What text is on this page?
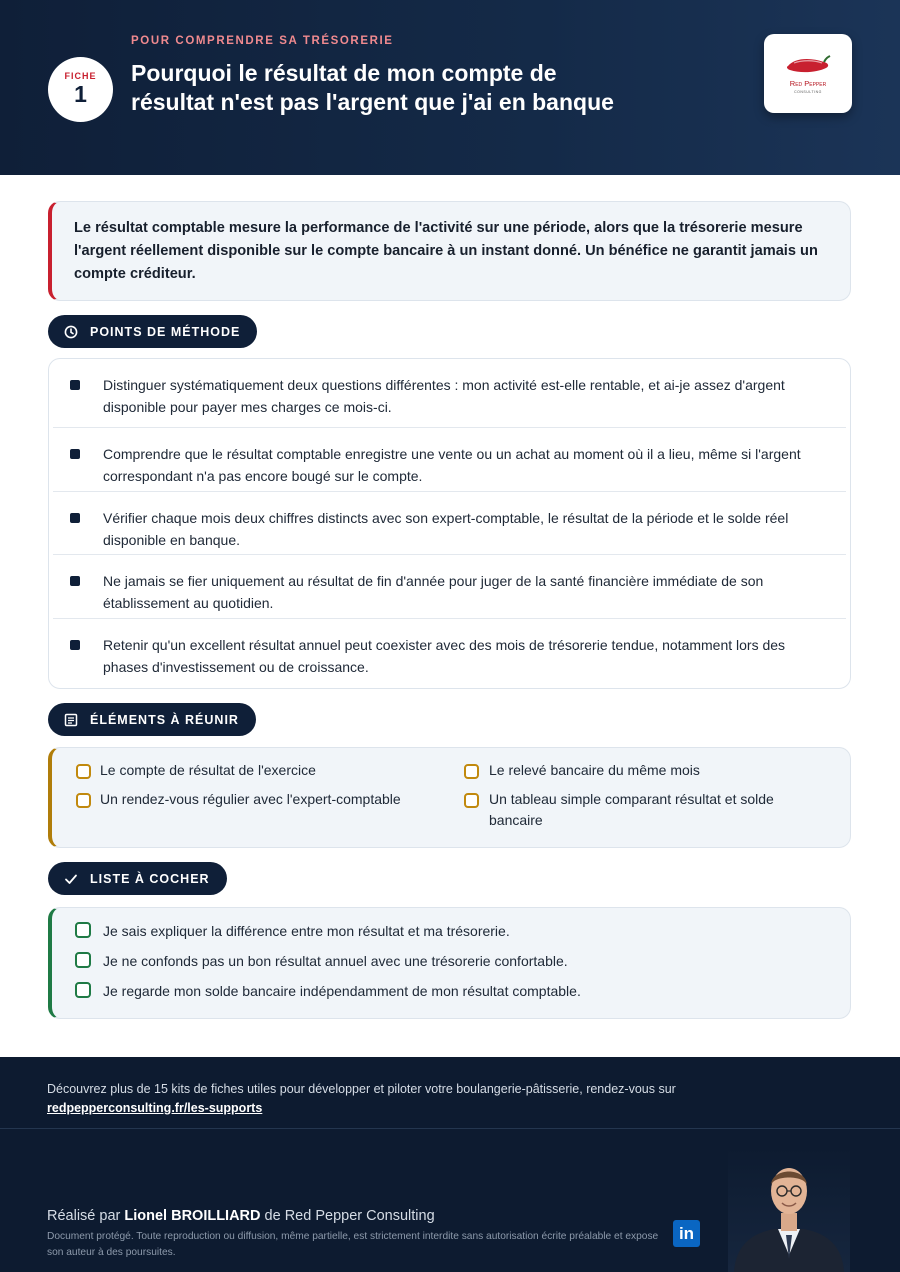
FICHE
1
POUR COMPRENDRE SA TRÉSORERIE
Pourquoi le résultat de mon compte de résultat n'est pas l'argent que j'ai en banque
Red Pepper
CONSULTING

Le résultat comptable mesure la performance de l'activité sur une période, alors que la trésorerie mesure l'argent réellement disponible sur le compte bancaire à un instant donné. Un bénéfice ne garantit jamais un compte créditeur.

POINTS DE MÉTHODE
Distinguer systématiquement deux questions différentes : mon activité est-elle rentable, et ai-je assez d'argent disponible pour payer mes charges ce mois-ci.
Comprendre que le résultat comptable enregistre une vente ou un achat au moment où il a lieu, même si l'argent correspondant n'a pas encore bougé sur le compte.
Vérifier chaque mois deux chiffres distincts avec son expert-comptable, le résultat de la période et le solde réel disponible en banque.
Ne jamais se fier uniquement au résultat de fin d'année pour juger de la santé financière immédiate de son établissement au quotidien.
Retenir qu'un excellent résultat annuel peut coexister avec des mois de trésorerie tendue, notamment lors des phases d'investissement ou de croissance.
ÉLÉMENTS À RÉUNIR
Le compte de résultat de l'exercice	Le relevé bancaire du même mois
Un rendez-vous régulier avec l'expert-comptable	Un tableau simple comparant résultat et solde bancaire
LISTE À COCHER
Je sais expliquer la différence entre mon résultat et ma trésorerie.
Je ne confonds pas un bon résultat annuel avec une trésorerie confortable.
Je regarde mon solde bancaire indépendamment de mon résultat comptable.
Découvrez plus de 15 kits de fiches utiles pour développer et piloter votre boulangerie-pâtisserie, rendez-vous sur
redpepperconsulting.fr/les-supports
Réalisé par Lionel BROILLIARD de Red Pepper Consulting
Document protégé. Toute reproduction ou diffusion, même partielle, est strictement interdite sans autorisation écrite préalable et expose son auteur à des poursuites.
in
